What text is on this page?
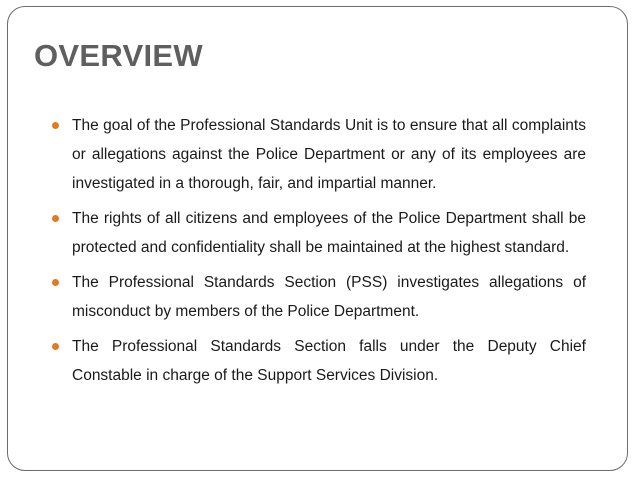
OVERVIEW
The goal of the Professional Standards Unit is to ensure that all complaints or allegations against the Police Department or any of its employees are investigated in a thorough, fair, and impartial manner.
The rights of all citizens and employees of the Police Department shall be protected and confidentiality shall be maintained at the highest standard.
The Professional Standards Section (PSS) investigates allegations of misconduct by members of the Police Department.
The Professional Standards Section falls under the Deputy Chief Constable in charge of the Support Services Division.
